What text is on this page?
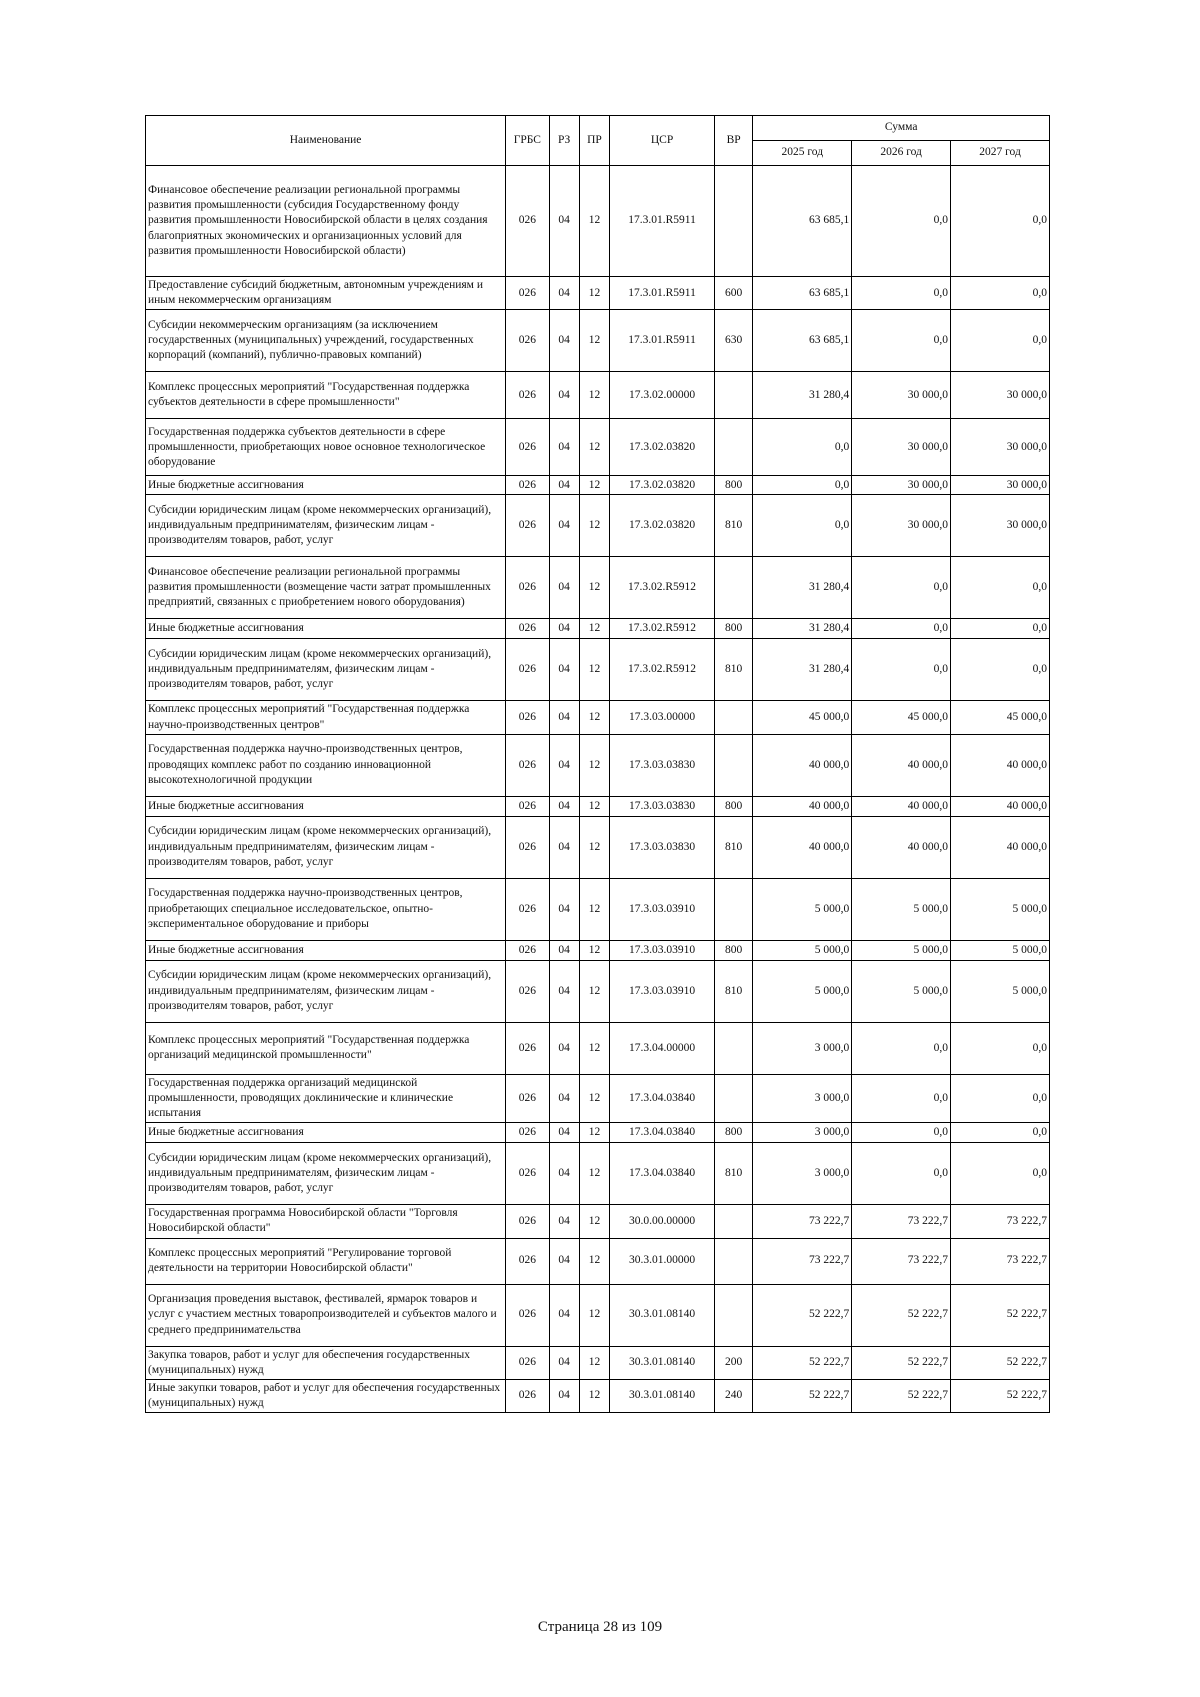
Наименование	ГРБС	РЗ	ПР	ЦСР	ВР	Сумма		
						2025 год	2026 год	2027 год
Финансовое обеспечение реализации региональной программы развития промышленности (субсидия Государственному фонду развития промышленности Новосибирской области в целях создания благоприятных экономических и организационных условий для развития промышленности Новосибирской области)	026	04	12	17.3.01.R5911		63 685,1	0,0	0,0
Предоставление субсидий бюджетным, автономным учреждениям и иным некоммерческим организациям	026	04	12	17.3.01.R5911	600	63 685,1	0,0	0,0
Субсидии некоммерческим организациям (за исключением государственных (муниципальных) учреждений, государственных корпораций (компаний), публично-правовых компаний)	026	04	12	17.3.01.R5911	630	63 685,1	0,0	0,0
Комплекс процессных мероприятий "Государственная поддержка субъектов деятельности в сфере промышленности"	026	04	12	17.3.02.00000		31 280,4	30 000,0	30 000,0
Государственная поддержка субъектов деятельности в сфере промышленности, приобретающих новое основное технологическое оборудование	026	04	12	17.3.02.03820		0,0	30 000,0	30 000,0
Иные бюджетные ассигнования	026	04	12	17.3.02.03820	800	0,0	30 000,0	30 000,0
Субсидии юридическим лицам (кроме некоммерческих организаций), индивидуальным предпринимателям, физическим лицам - производителям товаров, работ, услуг	026	04	12	17.3.02.03820	810	0,0	30 000,0	30 000,0
Финансовое обеспечение реализации региональной программы развития промышленности (возмещение части затрат промышленных предприятий, связанных с приобретением нового оборудования)	026	04	12	17.3.02.R5912		31 280,4	0,0	0,0
Иные бюджетные ассигнования	026	04	12	17.3.02.R5912	800	31 280,4	0,0	0,0
Субсидии юридическим лицам (кроме некоммерческих организаций), индивидуальным предпринимателям, физическим лицам - производителям товаров, работ, услуг	026	04	12	17.3.02.R5912	810	31 280,4	0,0	0,0
Комплекс процессных мероприятий "Государственная поддержка научно-производственных центров"	026	04	12	17.3.03.00000		45 000,0	45 000,0	45 000,0
Государственная поддержка научно-производственных центров, проводящих комплекс работ по созданию инновационной высокотехнологичной продукции	026	04	12	17.3.03.03830		40 000,0	40 000,0	40 000,0
Иные бюджетные ассигнования	026	04	12	17.3.03.03830	800	40 000,0	40 000,0	40 000,0
Субсидии юридическим лицам (кроме некоммерческих организаций), индивидуальным предпринимателям, физическим лицам - производителям товаров, работ, услуг	026	04	12	17.3.03.03830	810	40 000,0	40 000,0	40 000,0
Государственная поддержка научно-производственных центров, приобретающих специальное исследовательское, опытно-экспериментальное оборудование и приборы	026	04	12	17.3.03.03910		5 000,0	5 000,0	5 000,0
Иные бюджетные ассигнования	026	04	12	17.3.03.03910	800	5 000,0	5 000,0	5 000,0
Субсидии юридическим лицам (кроме некоммерческих организаций), индивидуальным предпринимателям, физическим лицам - производителям товаров, работ, услуг	026	04	12	17.3.03.03910	810	5 000,0	5 000,0	5 000,0
Комплекс процессных мероприятий "Государственная поддержка организаций медицинской промышленности"	026	04	12	17.3.04.00000		3 000,0	0,0	0,0
Государственная поддержка организаций медицинской промышленности, проводящих доклинические и клинические испытания	026	04	12	17.3.04.03840		3 000,0	0,0	0,0
Иные бюджетные ассигнования	026	04	12	17.3.04.03840	800	3 000,0	0,0	0,0
Субсидии юридическим лицам (кроме некоммерческих организаций), индивидуальным предпринимателям, физическим лицам - производителям товаров, работ, услуг	026	04	12	17.3.04.03840	810	3 000,0	0,0	0,0
Государственная программа Новосибирской области "Торговля Новосибирской области"	026	04	12	30.0.00.00000		73 222,7	73 222,7	73 222,7
Комплекс процессных мероприятий "Регулирование торговой деятельности на территории Новосибирской области"	026	04	12	30.3.01.00000		73 222,7	73 222,7	73 222,7
Организация проведения выставок, фестивалей, ярмарок товаров и услуг с участием местных товаропроизводителей и субъектов малого и среднего предпринимательства	026	04	12	30.3.01.08140		52 222,7	52 222,7	52 222,7
Закупка товаров, работ и услуг для обеспечения государственных (муниципальных) нужд	026	04	12	30.3.01.08140	200	52 222,7	52 222,7	52 222,7
Иные закупки товаров, работ и услуг для обеспечения государственных (муниципальных) нужд	026	04	12	30.3.01.08140	240	52 222,7	52 222,7	52 222,7
Страница 28 из 109
